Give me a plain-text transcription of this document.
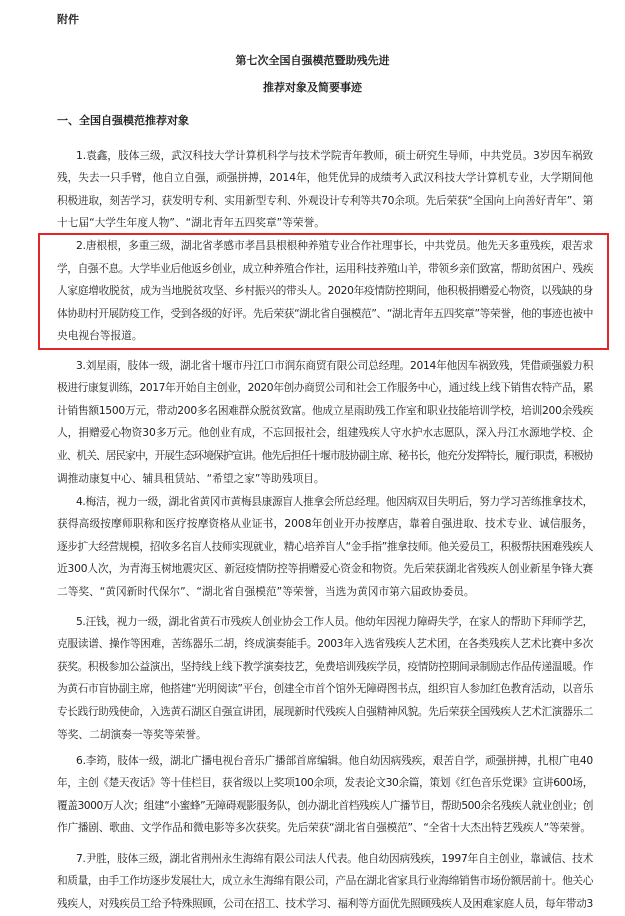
附件
第七次全国自强模范暨助残先进
推荐对象及简要事迹
一、全国自强模范推荐对象
1.袁鑫，肢体三级，武汉科技大学计算机科学与技术学院青年教师，硕士研究生导师，中共党员。3岁因车祸致
残，失去一只手臂，他自立自强，顽强拼搏，2014年，他凭优异的成绩考入武汉科技大学计算机专业，大学期间他
积极进取，刻苦学习，获发明专利、实用新型专利、外观设计专利等共70余项。先后荣获“全国向上向善好青年”、第
十七届“大学生年度人物”、“湖北青年五四奖章”等荣誉。
2.唐根根，多重三级，湖北省孝感市孝昌县根根种养殖专业合作社理事长，中共党员。他先天多重残疾，艰苦求
学，自强不息。大学毕业后他返乡创业，成立种养殖合作社，运用科技养殖山羊，带领乡亲们致富，帮助贫困户、残疾
人家庭增收脱贫，成为当地脱贫攻坚、乡村振兴的带头人。2020年疫情防控期间，他积极捐赠爱心物资，以残缺的身
体协助村开展防疫工作，受到各级的好评。先后荣获“湖北省自强模范”、“湖北青年五四奖章”等荣誉，他的事迹也被中
央电视台等报道。
3.刘星雨，肢体一级，湖北省十堰市丹江口市润东商贸有限公司总经理。2014年他因车祸致残，凭借顽强毅力积
极进行康复训练，2017年开始自主创业，2020年创办商贸公司和社会工作服务中心，通过线上线下销售农特产品，累
计销售额1500万元，带动200多名困难群众脱贫致富。他成立星雨助残工作室和职业技能培训学校，培训200余残疾
人，捐赠爱心物资30多万元。他创业有成，不忘回报社会，组建残疾人守水护水志愿队，深入丹江水源地学校、企
业、机关、居民家中，开展生态环境保护宣讲。他先后担任十堰市肢协副主席、秘书长，他充分发挥特长，履行职责，积极协
调推动康复中心、辅具租赁站、“希望之家”等助残项目。
4.梅洁，视力一级，湖北省黄冈市黄梅县康源盲人推拿会所总经理。他因病双目失明后，努力学习苦练推拿技术，
获得高级按摩师职称和医疗按摩资格从业证书，2008年创业开办按摩店，靠着自强进取、技术专业、诚信服务，
逐步扩大经营规模，招收多名盲人技师实现就业，精心培养盲人“金手指”推拿技师。他关爱员工，积极帮扶困难残疾人
近300人次，为青海玉树地震灾区、新冠疫情防控等捐赠爱心资金和物资。先后荣获湖北省残疾人创业新星争锋大赛
二等奖、“黄冈新时代保尔”、“湖北省自强模范”等荣誉，当选为黄冈市第六届政协委员。
5.汪钱，视力一级，湖北省黄石市残疾人创业协会工作人员。他幼年因视力障碍失学，在家人的帮助下拜师学艺，
克服读谱、操作等困难，苦练器乐二胡，终成演奏能手。2003年入选省残疾人艺术团，在各类残疾人艺术比赛中多次
获奖。积极参加公益演出，坚持线上线下教学演奏技艺，免费培训残疾学员，疫情防控期间录制励志作品传递温暖。作
为黄石市盲协副主席，他搭建“光明阅读”平台，创建全市首个馆外无障碍图书点，组织盲人参加红色教育活动，以音乐
专长践行助残使命，入选黄石湖区自强宣讲团，展现新时代残疾人自强精神风貌。先后荣获全国残疾人艺术汇演器乐二
等奖、二胡演奏一等奖等荣誉。
6.李筠，肢体一级，湖北广播电视台音乐广播部首席编辑。他自幼因病残疾，艰苦自学，顽强拼搏，扎根广电40
年，主创《楚天夜话》等十佳栏目，获省级以上奖项100余项，发表论文30余篇，策划《红色音乐党课》宣讲600场，
覆盖3000万人次；组建“小蜜蜂”无障碍观影服务队，创办湖北首档残疾人广播节目，帮助500余名残疾人就业创业；创
作广播剧、歌曲、文学作品和微电影等多次获奖。先后荣获“湖北省自强模范”、“全省十大杰出特艺残疾人”等荣誉。
7.尹胜，肢体三级，湖北省荆州永生海绵有限公司法人代表。他自幼因病残疾，1997年自主创业，靠诚信、技术
和质量，由手工作坊逐步发展壮大，成立永生海绵有限公司，产品在湖北省家具行业海绵销售市场份额居前十。他关心
残疾人，对残疾员工给予特殊照顾，公司在招工、技术学习、福利等方面优先照顾残疾人及困难家庭人员，每年带动3
